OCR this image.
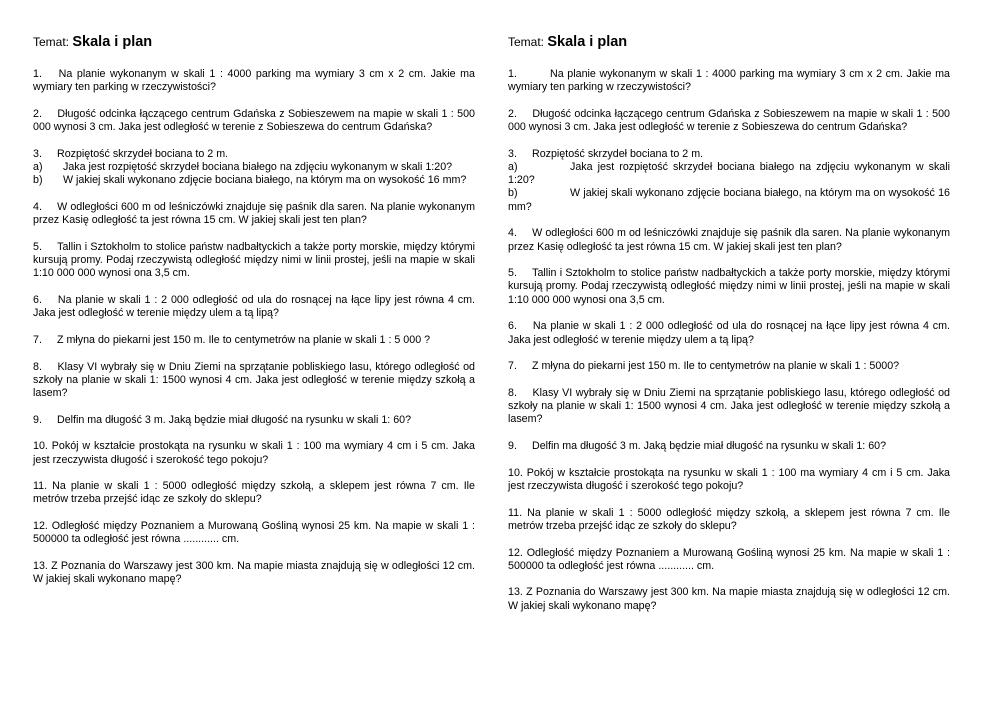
Temat: Skala i plan

1. Na planie wykonanym w skali 1 : 4000 parking ma wymiary 3 cm x 2 cm. Jakie ma wymiary ten parking w rzeczywistości?

2. Długość odcinka łączącego centrum Gdańska z Sobieszewem na mapie w skali 1 : 500 000 wynosi 3 cm. Jaka jest odległość w terenie z Sobieszewa do centrum Gdańska?

3. Rozpiętość skrzydeł bociana to 2 m.
a) Jaka jest rozpiętość skrzydeł bociana białego na zdjęciu wykonanym w skali 1:20?
b) W jakiej skali wykonano zdjęcie bociana białego, na którym ma on wysokość 16 mm?

4. W odległości 600 m od leśniczówki znajduje się paśnik dla saren. Na planie wykonanym przez Kasię odległość ta jest równa 15 cm. W jakiej skali jest ten plan?

5. Tallin i Sztokholm to stolice państw nadbałtyckich a także porty morskie, między którymi kursują promy. Podaj rzeczywistą odległość między nimi w linii prostej, jeśli na mapie w skali 1:10 000 000 wynosi ona 3,5 cm.

6. Na planie w skali 1 : 2 000 odległość od ula do rosnącej na łące lipy jest równa 4 cm. Jaka jest odległość w terenie między ulem a tą lipą?

7. Z młyna do piekarni jest 150 m. Ile to centymetrów na planie w skali 1 : 5 000 ?

8. Klasy VI wybrały się w Dniu Ziemi na sprzątanie pobliskiego lasu, którego odległość od szkoły na planie w skali 1: 1500 wynosi 4 cm. Jaka jest odległość w terenie między szkołą a lasem?

9. Delfin ma długość 3 m. Jaką będzie miał długość na rysunku w skali 1: 60?

10. Pokój w kształcie prostokąta na rysunku w skali 1 : 100 ma wymiary 4 cm i 5 cm. Jaka jest rzeczywista długość i szerokość tego pokoju?

11. Na planie w skali 1 : 5000 odległość między szkołą, a sklepem jest równa 7 cm. Ile metrów trzeba przejść idąc ze szkoły do sklepu?

12. Odległość między Poznaniem a Murowaną Gośliną wynosi 25 km. Na mapie w skali 1 : 500000 ta odległość jest równa ............ cm.

13. Z Poznania do Warszawy jest 300 km. Na mapie miasta znajdują się w odległości 12 cm. W jakiej skali wykonano mapę?

Temat: Skala i plan

1.	Na planie wykonanym w skali 1 : 4000 parking ma wymiary 3 cm x 2 cm. Jakie ma wymiary ten parking w rzeczywistości?

2. Długość odcinka łączącego centrum Gdańska z Sobieszewem na mapie w skali 1 : 500 000 wynosi 3 cm. Jaka jest odległość w terenie z Sobieszewa do centrum Gdańska?

3. Rozpiętość skrzydeł bociana to 2 m.
a)	Jaka jest rozpiętość skrzydeł bociana białego na zdjęciu wykonanym w skali 1:20?
b)	W jakiej skali wykonano zdjęcie bociana białego, na którym ma on wysokość 16 mm?

4. W odległości 600 m od leśniczówki znajduje się paśnik dla saren. Na planie wykonanym przez Kasię odległość ta jest równa 15 cm. W jakiej skali jest ten plan?

5. Tallin i Sztokholm to stolice państw nadbałtyckich a także porty morskie, między którymi kursują promy. Podaj rzeczywistą odległość między nimi w linii prostej, jeśli na mapie w skali 1:10 000 000 wynosi ona 3,5 cm.

6. Na planie w skali 1 : 2 000 odległość od ula do rosnącej na łące lipy jest równa 4 cm. Jaka jest odległość w terenie między ulem a tą lipą?

7. Z młyna do piekarni jest 150 m. Ile to centymetrów na planie w skali 1 : 5000?

8. Klasy VI wybrały się w Dniu Ziemi na sprzątanie pobliskiego lasu, którego odległość od szkoły na planie w skali 1: 1500 wynosi 4 cm. Jaka jest odległość w terenie między szkołą a lasem?

9. Delfin ma długość 3 m. Jaką będzie miał długość na rysunku w skali 1: 60?

10. Pokój w kształcie prostokąta na rysunku w skali 1 : 100 ma wymiary 4 cm i 5 cm. Jaka jest rzeczywista długość i szerokość tego pokoju?

11. Na planie w skali 1 : 5000 odległość między szkołą, a sklepem jest równa 7 cm. Ile metrów trzeba przejść idąc ze szkoły do sklepu?

12. Odległość między Poznaniem a Murowaną Gośliną wynosi 25 km. Na mapie w skali 1 : 500000 ta odległość jest równa ............ cm.

13. Z Poznania do Warszawy jest 300 km. Na mapie miasta znajdują się w odległości 12 cm. W jakiej skali wykonano mapę?
